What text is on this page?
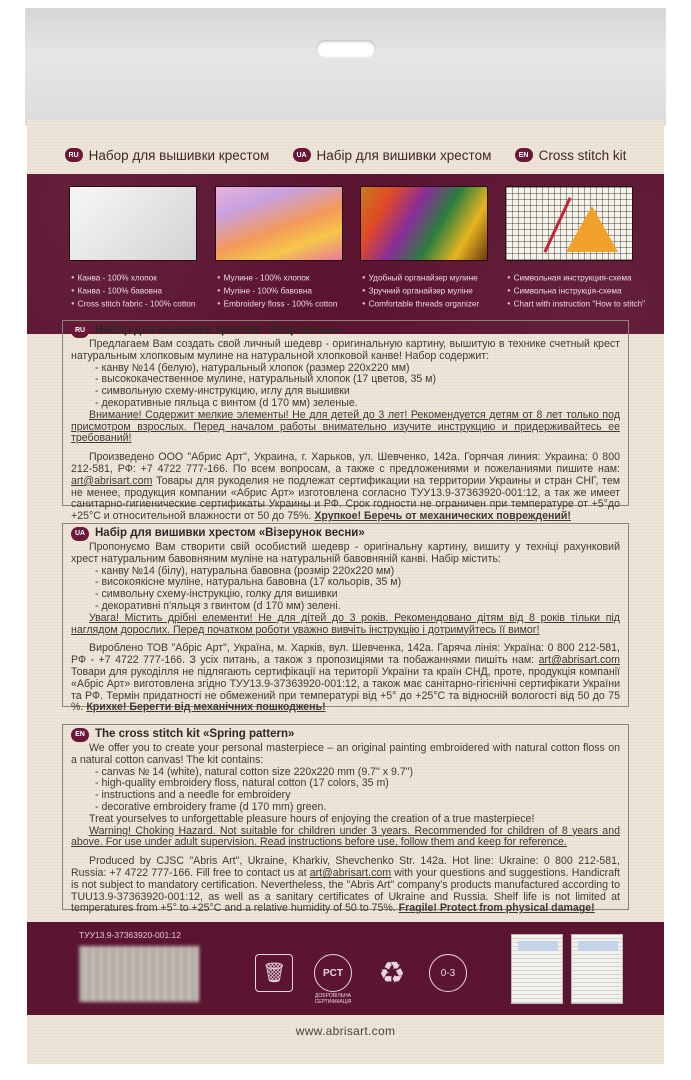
RU Набор для вышивки крестом	UA Набір для вишивки хрестом	EN Cross stitch kit
● Канва - 100% хлопок
● Канва - 100% бавовна
● Cross stitch fabric - 100% cotton
● Мулине - 100% хлопок
● Муліне - 100% бавовна
● Embroidery floss - 100% cotton
● Удобный органайзер мулине
● Зручний органайзер муліне
● Comfortable threads organizer
● Символьная инструкция-схема
● Символьна інструкція-схема
● Chart with instruction "How to stitch"
RU Набор для вышивки крестом «Узор весны»
Предлагаем Вам создать свой личный шедевр - оригинальную картину, вышитую в технике счетный крест натуральным хлопковым мулине на натуральной хлопковой канве! Набор содержит:
- канву №14 (белую), натуральный хлопок (размер 220х220 мм)
- высококачественное мулине, натуральный хлопок (17 цветов, 35 м)
- символьную схему-инструкцию, иглу для вышивки
- декоративные пяльца с винтом (d 170 мм) зеленые.
Внимание! Содержит мелкие элементы! Не для детей до 3 лет! Рекомендуется детям от 8 лет только под присмотром взрослых. Перед началом работы внимательно изучите инструкцию и придерживайтесь ее требований!
Произведено ООО "Абрис Арт", Украина, г. Харьков, ул. Шевченко, 142а. Горячая линия: Украина: 0 800 212-581, РФ: +7 4722 777-166. По всем вопросам, а также с предложениями и пожеланиями пишите нам: art@abrisart.com Товары для рукоделия не подлежат сертификации на территории Украины и стран СНГ, тем не менее, продукция компании «Абрис Арт» изготовлена согласно ТУУ13.9-37363920-001:12, а так же имеет санитарно-гигиенические сертификаты Украины и РФ. Срок годности не ограничен при температуре от +5°до +25°С и относительной влажности от 50 до 75%. Хрупкое! Беречь от механических повреждений!
UA Набір для вишивки хрестом «Візерунок весни»
Пропонуємо Вам створити свій особистий шедевр - оригінальну картину, вишиту у техніці рахунковий хрест натуральним бавовняним муліне на натуральній бавовняній канві. Набір містить:
- канву №14 (білу), натуральна бавовна (розмір 220х220 мм)
- високоякісне муліне, натуральна бавовна (17 кольорів, 35 м)
- символьну схему-інструкцію, голку для вишивки
- декоративні п'яльця з гвинтом (d 170 мм) зелені.
Увага! Містить дрібні елементи! Не для дітей до 3 років. Рекомендовано дітям від 8 років тільки під наглядом дорослих. Перед початком роботи уважно вивчіть інструкцію і дотримуйтесь її вимог!
Вироблено ТОВ "Абріс Арт", Україна, м. Харків, вул. Шевченка, 142а. Гаряча лінія: Україна: 0 800 212-581, РФ - +7 4722 777-166. З усіх питань, а також з пропозиціями та побажаннями пишіть нам: art@abrisart.com Товари для рукоділля не підлягають сертифікації на території України та країн СНД, проте, продукція компанії «Абріс Арт» виготовлена згідно ТУУ13.9-37363920-001:12, а також має санітарно-гігієнічні сертифікати України та РФ. Термін придатності не обмежений при температурі від +5° до +25°С та відносній вологості від 50 до 75 %. Крихке! Берегти від механічних пошкоджень!
EN The cross stitch kit «Spring pattern»
We offer you to create your personal masterpiece – an original painting embroidered with natural cotton floss on a natural cotton canvas! The kit contains:
- canvas № 14 (white), natural cotton size 220x220 mm (9.7" x 9.7")
- high-quality embroidery floss, natural cotton (17 colors, 35 m)
- instructions and a needle for embroidery
- decorative embroidery frame (d 170 mm) green.
Treat yourselves to unforgettable pleasure hours of enjoying the creation of a true masterpiece!
Warning! Choking Hazard. Not suitable for children under 3 years. Recommended for children of 8 years and above. For use under adult supervision. Read instructions before use, follow them and keep for reference.
Produced by CJSC "Abris Art", Ukraine, Kharkiv, Shevchenko Str. 142a. Hot line: Ukraine: 0 800 212-581, Russia: +7 4722 777-166. Fill free to contact us at art@abrisart.com with your questions and suggestions. Handicraft is not subject to mandatory certification. Nevertheless, the "Abris Art" company's products manufactured according to TUU13.9-37363920-001:12, as well as a sanitary certificates of Ukraine and Russia. Shelf life is not limited at temperatures from +5° to +25°C and a relative humidity of 50 to 75%. Fragile! Protect from physical damage!
ТУУ13.9-37363920-001:12
🗑	PCT
ДОБРОВІЛЬНА СЕРТИФІКАЦІЯ
♻	0-3
www.abrisart.com
